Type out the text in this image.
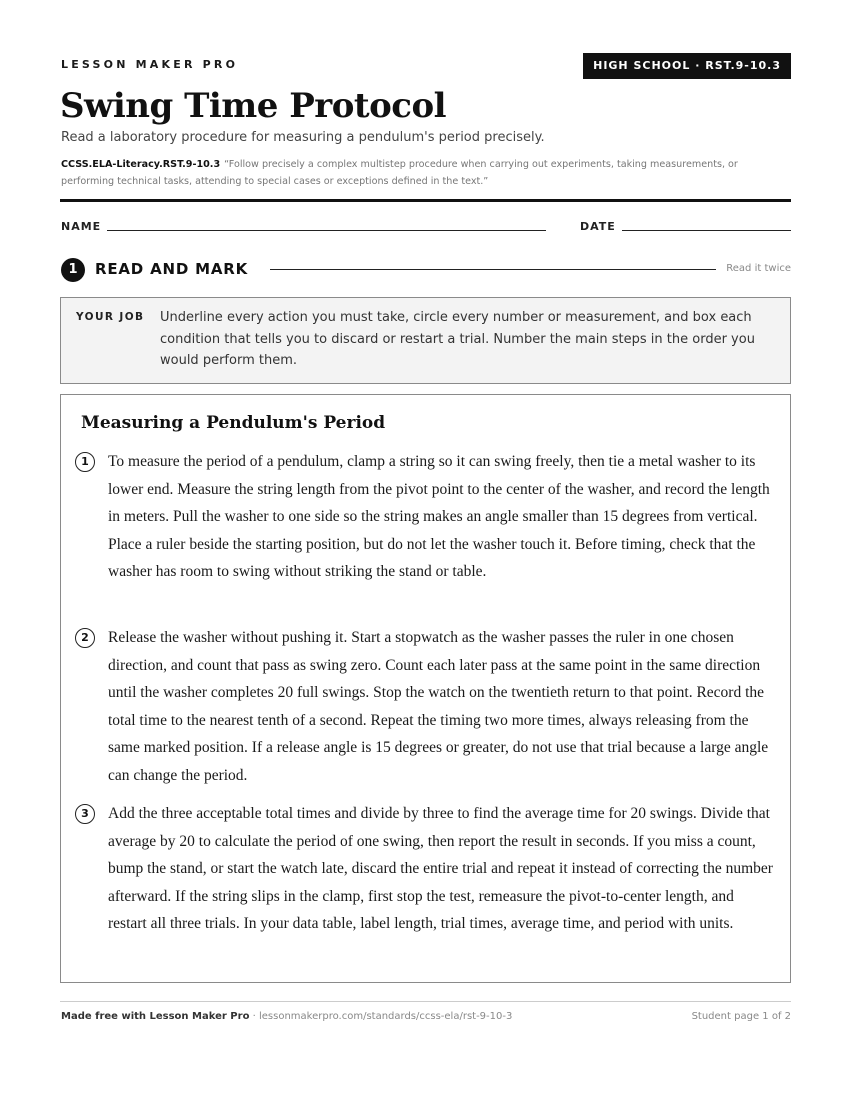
LESSON MAKER PRO	HIGH SCHOOL · RST.9-10.3
Swing Time Protocol

Read a laboratory procedure for measuring a pendulum's period precisely.

CCSS.ELA-Literacy.RST.9-10.3 “Follow precisely a complex multistep procedure when carrying out experiments, taking measurements, or performing technical tasks, attending to special cases or exceptions defined in the text.”

NAME	DATE
1	READ AND MARK	Read it twice
YOUR JOB Underline every action you must take, circle every number or measurement, and box each condition that tells you to discard or restart a trial. Number the main steps in the order you would perform them.

Measuring a Pendulum's Period
1	To measure the period of a pendulum, clamp a string so it can swing freely, then tie a metal washer to its lower end. Measure the string length from the pivot point to the center of the washer, and record the length in meters. Pull the washer to one side so the string makes an angle smaller than 15 degrees from vertical. Place a ruler beside the starting position, but do not let the washer touch it. Before timing, check that the washer has room to swing without striking the stand or table.

2	Release the washer without pushing it. Start a stopwatch as the washer passes the ruler in one chosen direction, and count that pass as swing zero. Count each later pass at the same point in the same direction until the washer completes 20 full swings. Stop the watch on the twentieth return to that point. Record the total time to the nearest tenth of a second. Repeat the timing two more times, always releasing from the same marked position. If a release angle is 15 degrees or greater, do not use that trial because a large angle can change the period.

3	Add the three acceptable total times and divide by three to find the average time for 20 swings. Divide that average by 20 to calculate the period of one swing, then report the result in seconds. If you miss a count, bump the stand, or start the watch late, discard the entire trial and repeat it instead of correcting the number afterward. If the string slips in the clamp, first stop the test, remeasure the pivot-to-center length, and restart all three trials. In your data table, label length, trial times, average time, and period with units.

Made free with Lesson Maker Pro · lessonmakerpro.com/standards/ccss-ela/rst-9-10-3	Student page 1 of 2
